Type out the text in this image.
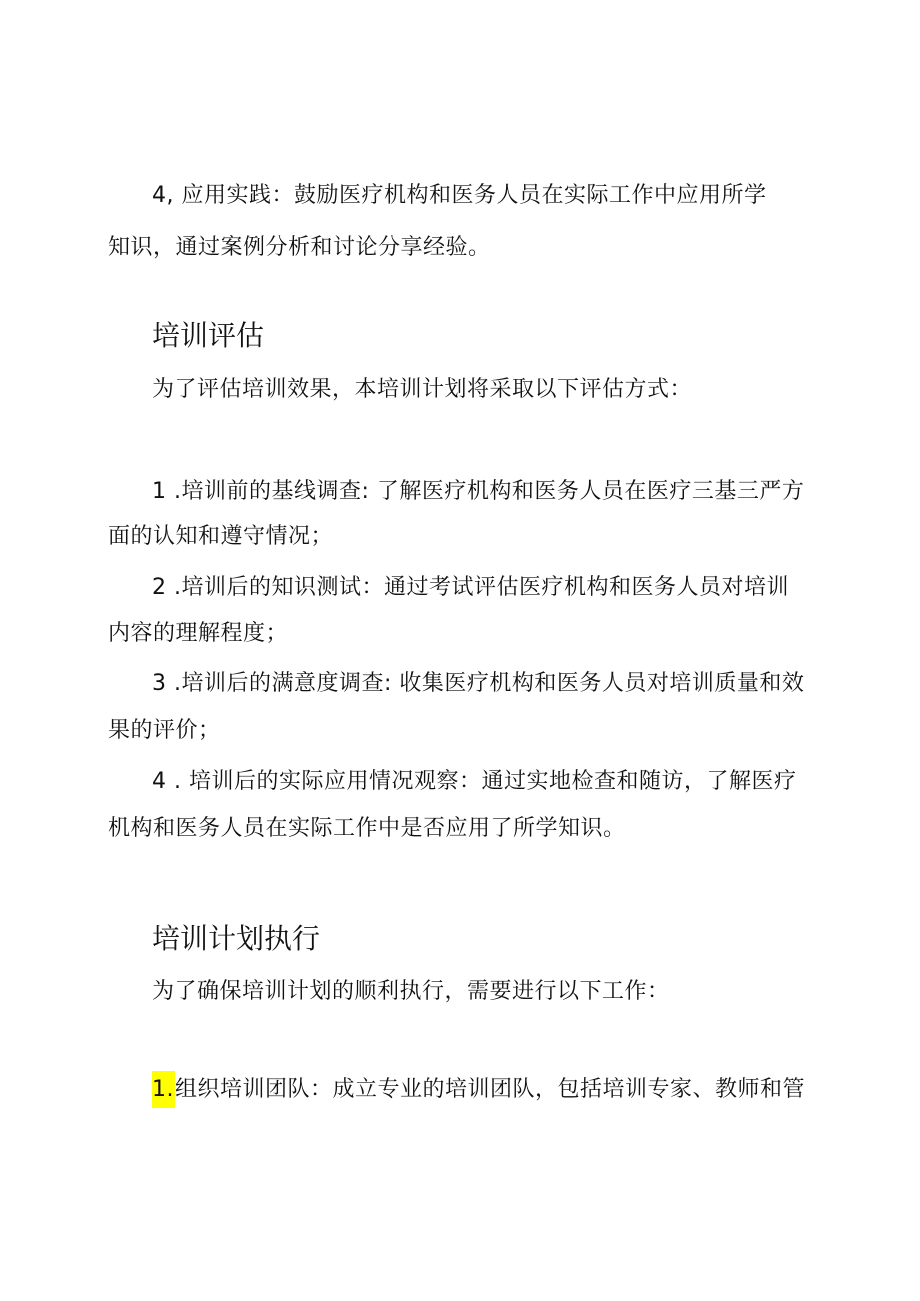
4, 应用实践：鼓励医疗机构和医务人员在实际工作中应用所学
知识，通过案例分析和讨论分享经验。
培训评估
为了评估培训效果，本培训计划将采取以下评估方式：
1 .培训前的基线调查: 了解医疗机构和医务人员在医疗三基三严方
面的认知和遵守情况；
2 .培训后的知识测试：通过考试评估医疗机构和医务人员对培训
内容的理解程度；
3 .培训后的满意度调查: 收集医疗机构和医务人员对培训质量和效
果的评价；
4 . 培训后的实际应用情况观察：通过实地检查和随访，了解医疗
机构和医务人员在实际工作中是否应用了所学知识。
培训计划执行
为了确保培训计划的顺利执行，需要进行以下工作：
1.组织培训团队：成立专业的培训团队，包括培训专家、教师和管
